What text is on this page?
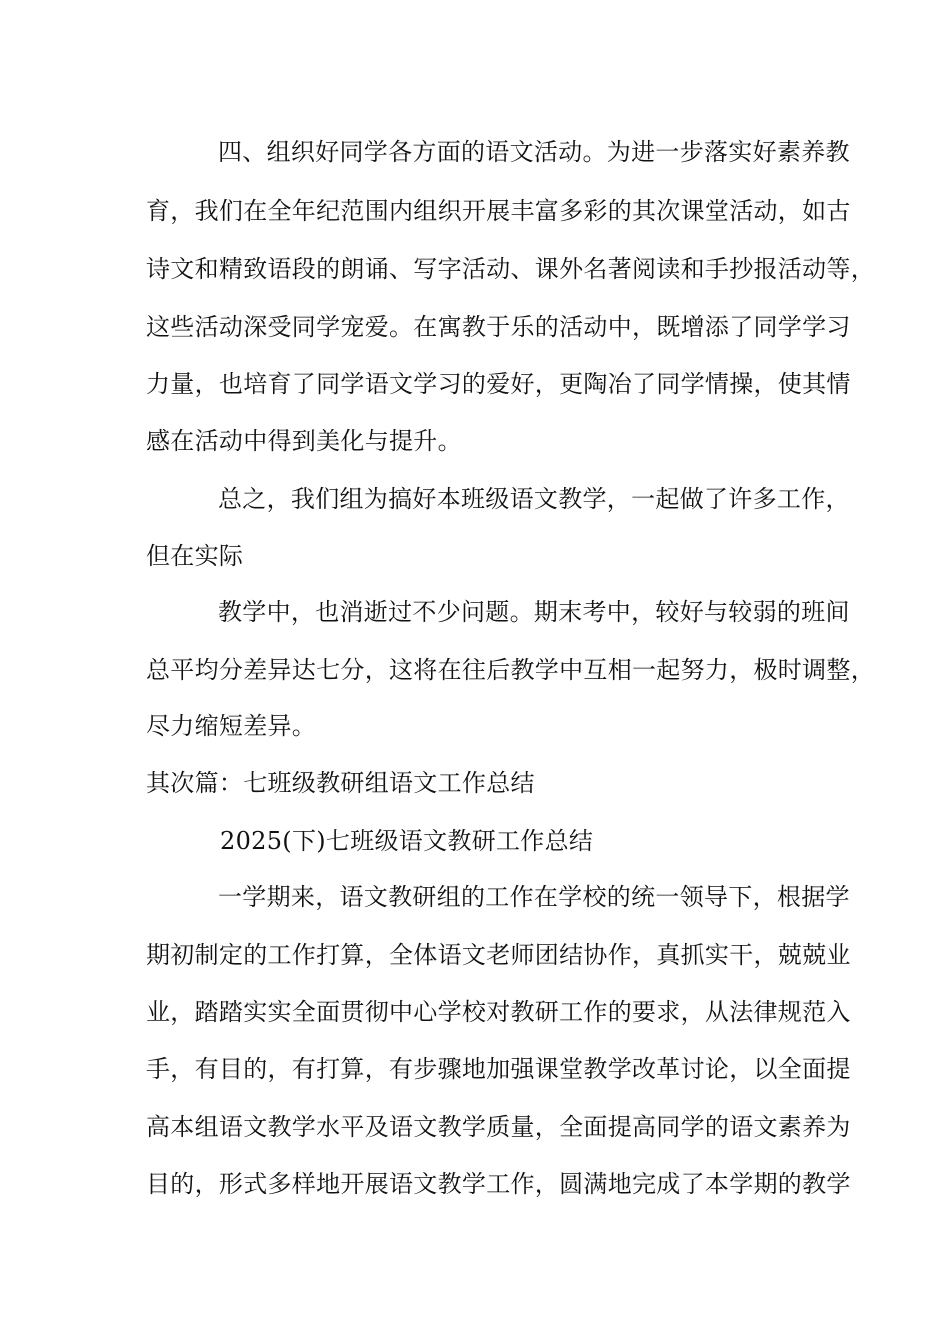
四、组织好同学各方面的语文活动。为进一步落实好素养教
育，我们在全年纪范围内组织开展丰富多彩的其次课堂活动，如古
诗文和精致语段的朗诵、写字活动、课外名著阅读和手抄报活动等，
这些活动深受同学宠爱。在寓教于乐的活动中，既增添了同学学习
力量，也培育了同学语文学习的爱好，更陶冶了同学情操，使其情
感在活动中得到美化与提升。
总之，我们组为搞好本班级语文教学，一起做了许多工作，
但在实际
教学中，也消逝过不少问题。期末考中，较好与较弱的班间
总平均分差异达七分，这将在往后教学中互相一起努力，极时调整，
尽力缩短差异。
其次篇：七班级教研组语文工作总结
2025(下)七班级语文教研工作总结
一学期来，语文教研组的工作在学校的统一领导下，根据学
期初制定的工作打算，全体语文老师团结协作，真抓实干，兢兢业
业，踏踏实实全面贯彻中心学校对教研工作的要求，从法律规范入
手，有目的，有打算，有步骤地加强课堂教学改革讨论，以全面提
高本组语文教学水平及语文教学质量，全面提高同学的语文素养为
目的，形式多样地开展语文教学工作，圆满地完成了本学期的教学
